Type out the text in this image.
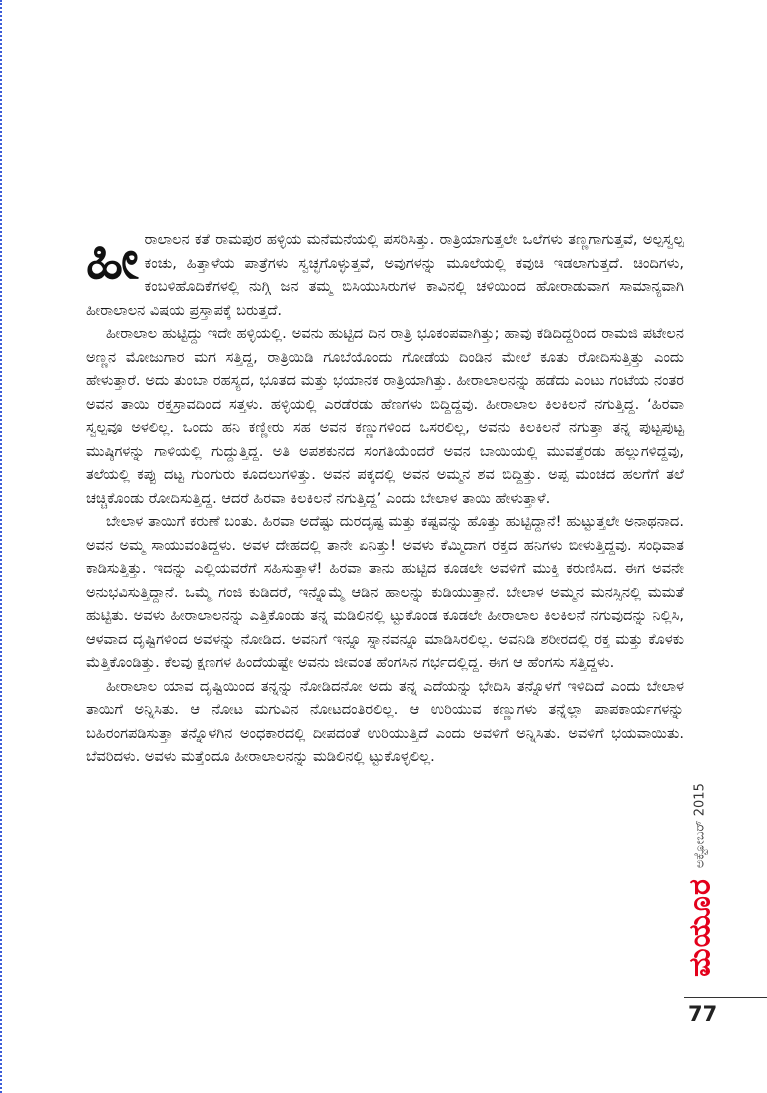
ಹೀರಾಲಾಲನ ಕತೆ ರಾಮಪುರ ಹಳ್ಳಿಯ ಮನೆಮನೆಯಲ್ಲಿ ಪಸರಿಸಿತ್ತು. ರಾತ್ರಿಯಾಗುತ್ತಲೇ ಒಲೆಗಳು ತಣ್ಣಗಾಗುತ್ತವೆ, ಅಲ್ಪಸ್ವಲ್ಪ ಕಂಚು, ಹಿತ್ತಾಳೆಯ ಪಾತ್ರೆಗಳು ಸ್ವಚ್ಛಗೊಳ್ಳುತ್ತವೆ, ಅವುಗಳನ್ನು ಮೂಲೆಯಲ್ಲಿ ಕವುಚಿ ಇಡಲಾಗುತ್ತದೆ. ಚಿಂದಿಗಳು, ಕಂಬಳಿಹೊದಿಕೆಗಳಲ್ಲಿ ನುಗ್ಗಿ ಜನ ತಮ್ಮ ಬಿಸಿಯುಸಿರುಗಳ ಕಾವಿನಲ್ಲಿ ಚಳಿಯಿಂದ ಹೋರಾಡುವಾಗ ಸಾಮಾನ್ಯವಾಗಿ ಹೀರಾಲಾಲನ ವಿಷಯ ಪ್ರಸ್ತಾಪಕ್ಕೆ ಬರುತ್ತದೆ.

ಹೀರಾಲಾಲ ಹುಟ್ಟಿದ್ದು ಇದೇ ಹಳ್ಳಿಯಲ್ಲಿ. ಅವನು ಹುಟ್ಟಿದ ದಿನ ರಾತ್ರಿ ಭೂಕಂಪವಾಗಿತ್ತು; ಹಾವು ಕಡಿದಿದ್ದರಿಂದ ರಾಮಜಿ ಪಟೇಲನ ಅಣ್ಣನ ಮೋಜುಗಾರ ಮಗ ಸತ್ತಿದ್ದ, ರಾತ್ರಿಯಿಡಿ ಗೂಬೆಯೊಂದು ಗೋಡೆಯ ದಿಂಡಿನ ಮೇಲೆ ಕೂತು ರೋದಿಸುತ್ತಿತ್ತು ಎಂದು ಹೇಳುತ್ತಾರೆ. ಅದು ತುಂಬಾ ರಹಸ್ಯದ, ಭೂತದ ಮತ್ತು ಭಯಾನಕ ರಾತ್ರಿಯಾಗಿತ್ತು. ಹೀರಾಲಾಲನನ್ನು ಹಡೆದು ಎಂಟು ಗಂಟೆಯ ನಂತರ ಅವನ ತಾಯಿ ರಕ್ತಸ್ರಾವದಿಂದ ಸತ್ತಳು. ಹಳ್ಳಿಯಲ್ಲಿ ಎರಡೆರಡು ಹೆಣಗಳು ಬಿದ್ದಿದ್ದವು. ಹೀರಾಲಾಲ ಕಿಲಕಿಲನೆ ನಗುತ್ತಿದ್ದ. ‘ಹಿರವಾ ಸ್ವಲ್ಪವೂ ಅಳಲಿಲ್ಲ. ಒಂದು ಹನಿ ಕಣ್ಣೀರು ಸಹ ಅವನ ಕಣ್ಣುಗಳಿಂದ ಒಸರಲಿಲ್ಲ, ಅವನು ಕಿಲಕಿಲನೆ ನಗುತ್ತಾ ತನ್ನ ಪುಟ್ಟಪುಟ್ಟ ಮುಷ್ಠಿಗಳನ್ನು ಗಾಳಿಯಲ್ಲಿ ಗುದ್ದುತ್ತಿದ್ದ. ಅತಿ ಅಪಶಕುನದ ಸಂಗತಿಯೆಂದರೆ ಅವನ ಬಾಯಿಯಲ್ಲಿ ಮುವತ್ತೆರಡು ಹಲ್ಲುಗಳಿದ್ದವು, ತಲೆಯಲ್ಲಿ ಕಪ್ಪು ದಟ್ಟ ಗುಂಗುರು ಕೂದಲುಗಳಿತ್ತು. ಅವನ ಪಕ್ಕದಲ್ಲಿ ಅವನ ಅಮ್ಮನ ಶವ ಬಿದ್ದಿತ್ತು. ಅಪ್ಪ ಮಂಚದ ಹಲಗೆಗೆ ತಲೆ ಚಚ್ಚಿಕೊಂಡು ರೋದಿಸುತ್ತಿದ್ದ. ಆದರೆ ಹಿರವಾ ಕಿಲಕಿಲನೆ ನಗುತ್ತಿದ್ದ’ ಎಂದು ಬೇಲಾಳ ತಾಯಿ ಹೇಳುತ್ತಾಳೆ.

ಬೇಲಾಳ ತಾಯಿಗೆ ಕರುಣೆ ಬಂತು. ಹಿರವಾ ಅದೆಷ್ಟು ದುರದೃಷ್ಟ ಮತ್ತು ಕಷ್ಟವನ್ನು ಹೊತ್ತು ಹುಟ್ಟಿದ್ದಾನೆ! ಹುಟ್ಟುತ್ತಲೇ ಅನಾಥನಾದ. ಅವನ ಅಮ್ಮ ಸಾಯುವಂತಿದ್ದಳು. ಅವಳ ದೇಹದಲ್ಲಿ ತಾನೇ ಏನಿತ್ತು! ಅವಳು ಕೆಮ್ಮಿದಾಗ ರಕ್ತದ ಹನಿಗಳು ಬೀಳುತ್ತಿದ್ದವು. ಸಂಧಿವಾತ ಕಾಡಿಸುತ್ತಿತ್ತು. ಇದನ್ನು ಎಲ್ಲಿಯವರೆಗೆ ಸಹಿಸುತ್ತಾಳೆ! ಹಿರವಾ ತಾನು ಹುಟ್ಟಿದ ಕೂಡಲೇ ಅವಳಿಗೆ ಮುಕ್ತಿ ಕರುಣಿಸಿದ. ಈಗ ಅವನೇ ಅನುಭವಿಸುತ್ತಿದ್ದಾನೆ. ಒಮ್ಮೆ ಗಂಜಿ ಕುಡಿದರೆ, ಇನ್ನೊಮ್ಮೆ ಆಡಿನ ಹಾಲನ್ನು ಕುಡಿಯುತ್ತಾನೆ. ಬೇಲಾಳ ಅಮ್ಮನ ಮನಸ್ಸಿನಲ್ಲಿ ಮಮತೆ ಹುಟ್ಟಿತು. ಅವಳು ಹೀರಾಲಾಲನನ್ನು ಎತ್ತಿಕೊಂಡು ತನ್ನ ಮಡಿಲಿನಲ್ಲಿ ಟ್ಟುಕೊಂಡ ಕೂಡಲೇ ಹೀರಾಲಾಲ ಕಿಲಕಿಲನೆ ನಗುವುದನ್ನು ನಿಲ್ಲಿಸಿ, ಆಳವಾದ ದೃಷ್ಟಿಗಳಿಂದ ಅವಳನ್ನು ನೋಡಿದ. ಅವನಿಗೆ ಇನ್ನೂ ಸ್ನಾನವನ್ನೂ ಮಾಡಿಸಿರಲಿಲ್ಲ. ಅವನಿಡಿ ಶರೀರದಲ್ಲಿ ರಕ್ತ ಮತ್ತು ಕೊಳಕು ಮೆತ್ತಿಕೊಂಡಿತ್ತು. ಕೆಲವು ಕ್ಷಣಗಳ ಹಿಂದೆಯಷ್ಟೇ ಅವನು ಜೀವಂತ ಹೆಂಗಸಿನ ಗರ್ಭದಲ್ಲಿದ್ದ. ಈಗ ಆ ಹೆಂಗಸು ಸತ್ತಿದ್ದಳು.

ಹೀರಾಲಾಲ ಯಾವ ದೃಷ್ಟಿಯಿಂದ ತನ್ನನ್ನು ನೋಡಿದನೋ ಅದು ತನ್ನ ಎದೆಯನ್ನು ಭೇದಿಸಿ ತನ್ನೊಳಗೆ ಇಳಿದಿದೆ ಎಂದು ಬೇಲಾಳ ತಾಯಿಗೆ ಅನ್ನಿಸಿತು. ಆ ನೋಟ ಮಗುವಿನ ನೋಟದಂತಿರಲಿಲ್ಲ. ಆ ಉರಿಯುವ ಕಣ್ಣುಗಳು ತನ್ನೆಲ್ಲಾ ಪಾಪಕಾರ್ಯಗಳನ್ನು ಬಹಿರಂಗಪಡಿಸುತ್ತಾ ತನ್ನೊಳಗಿನ ಅಂಧಕಾರದಲ್ಲಿ ದೀಪದಂತೆ ಉರಿಯುತ್ತಿದೆ ಎಂದು ಅವಳಿಗೆ ಅನ್ನಿಸಿತು. ಅವಳಿಗೆ ಭಯವಾಯಿತು. ಬೆವರಿದಳು. ಅವಳು ಮತ್ತೆಂದೂ ಹೀರಾಲಾಲನನ್ನು ಮಡಿಲಿನಲ್ಲಿ ಟ್ಟುಕೊಳ್ಳಲಿಲ್ಲ.

ಮಯೂರ
ಅಕ್ಟೋಬರ್ 2015
77
